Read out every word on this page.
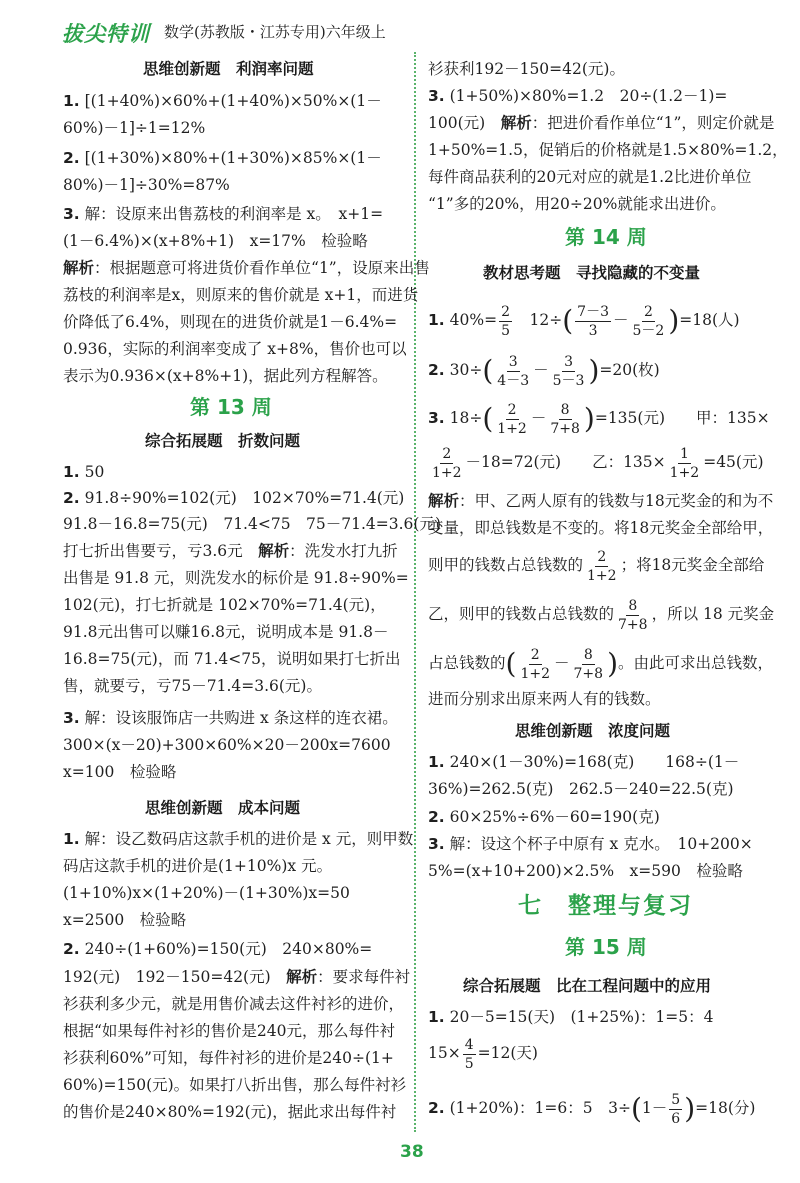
拔尖特训 数学(苏教版・江苏专用)六年级上
思维创新题　利润率问题
1. [(1+40%)×60%+(1+40%)×50%×(1－
60%)－1]÷1=12%
2. [(1+30%)×80%+(1+30%)×85%×(1－
80%)－1]÷30%=87%
3. 解：设原来出售荔枝的利润率是 x。　x+1=
(1－6.4%)×(x+8%+1)　x=17%　检验略
解析：根据题意可将进货价看作单位“1”，设原来出售
荔枝的利润率是x，则原来的售价就是 x+1，而进货
价降低了6.4%，则现在的进货价就是1－6.4%=
0.936，实际的利润率变成了 x+8%，售价也可以
表示为0.936×(x+8%+1)，据此列方程解答。
第 13 周
综合拓展题　折数问题
1. 50
2. 91.8÷90%=102(元)　102×70%=71.4(元)
91.8－16.8=75(元)　71.4<75　75－71.4=3.6(元)
打七折出售要亏，亏3.6元　解析：洗发水打九折
出售是 91.8 元，则洗发水的标价是 91.8÷90%=
102(元)，打七折就是 102×70%=71.4(元)，
91.8元出售可以赚16.8元，说明成本是 91.8－
16.8=75(元)，而 71.4<75，说明如果打七折出
售，就要亏，亏75－71.4=3.6(元)。
3. 解：设该服饰店一共购进 x 条这样的连衣裙。
300×(x－20)+300×60%×20－200x=7600
x=100　检验略
思维创新题　成本问题
1. 解：设乙数码店这款手机的进价是 x 元，则甲数
码店这款手机的进价是(1+10%)x 元。
(1+10%)x×(1+20%)－(1+30%)x=50
x=2500　检验略
2. 240÷(1+60%)=150(元)　240×80%=
192(元)　192－150=42(元)　解析：要求每件衬
衫获利多少元，就是用售价减去这件衬衫的进价，
根据“如果每件衬衫的售价是240元，那么每件衬
衫获利60%”可知，每件衬衫的进价是240÷(1+
60%)=150(元)。如果打八折出售，那么每件衬衫
的售价是240×80%=192(元)，据此求出每件衬
衫获利192－150=42(元)。
3. (1+50%)×80%=1.2　20÷(1.2－1)=
100(元)　解析：把进价看作单位“1”，则定价就是
1+50%=1.5，促销后的价格就是1.5×80%=1.2，
每件商品获利的20元对应的就是1.2比进价单位
“1”多的20%，用20÷20%就能求出进价。
第 14 周
教材思考题　寻找隐藏的不变量
1. $40\%= \frac{2}{5}$ 　$12\div( \frac{7-3}{3} - \frac{2}{5-2} )=18$(人)
2. $30\div( \frac{3}{4-3} - \frac{3}{5-3} )=20$(枚)
3. $18\div( \frac{2}{1+2} - \frac{8}{7+8} )=135$(元)　　甲：135×
$\frac{2}{1+2} -18=72$(元)　　乙：$135\times \frac{1}{1+2} =45$(元)
解析：甲、乙两人原有的钱数与18元奖金的和为不
变量，即总钱数是不变的。将18元奖金全部给甲，
则甲的钱数占总钱数的 $\frac{2}{1+2}$ ；将18元奖金全部给
乙，则甲的钱数占总钱数的 $\frac{8}{7+8}$ ，所以 18 元奖金
占总钱数的( $\frac{2}{1+2} - \frac{8}{7+8}$ )。由此可求出总钱数，
进而分别求出原来两人有的钱数。
思维创新题　浓度问题
1. 240×(1－30%)=168(克)　　168÷(1－
36%)=262.5(克)　262.5－240=22.5(克)
2. 60×25%÷6%－60=190(克)
3. 解：设这个杯子中原有 x 克水。　10+200×
5%=(x+10+200)×2.5%　x=590　检验略
七　整理与复习
第 15 周
综合拓展题　比在工程问题中的应用
1. 20－5=15(天)　(1+25%)：1=5：4
$15\times \frac{4}{5} =12$(天)
2. (1+20%)：1=6：5　$3\div(1- \frac{5}{6} )=18$(分)
38
